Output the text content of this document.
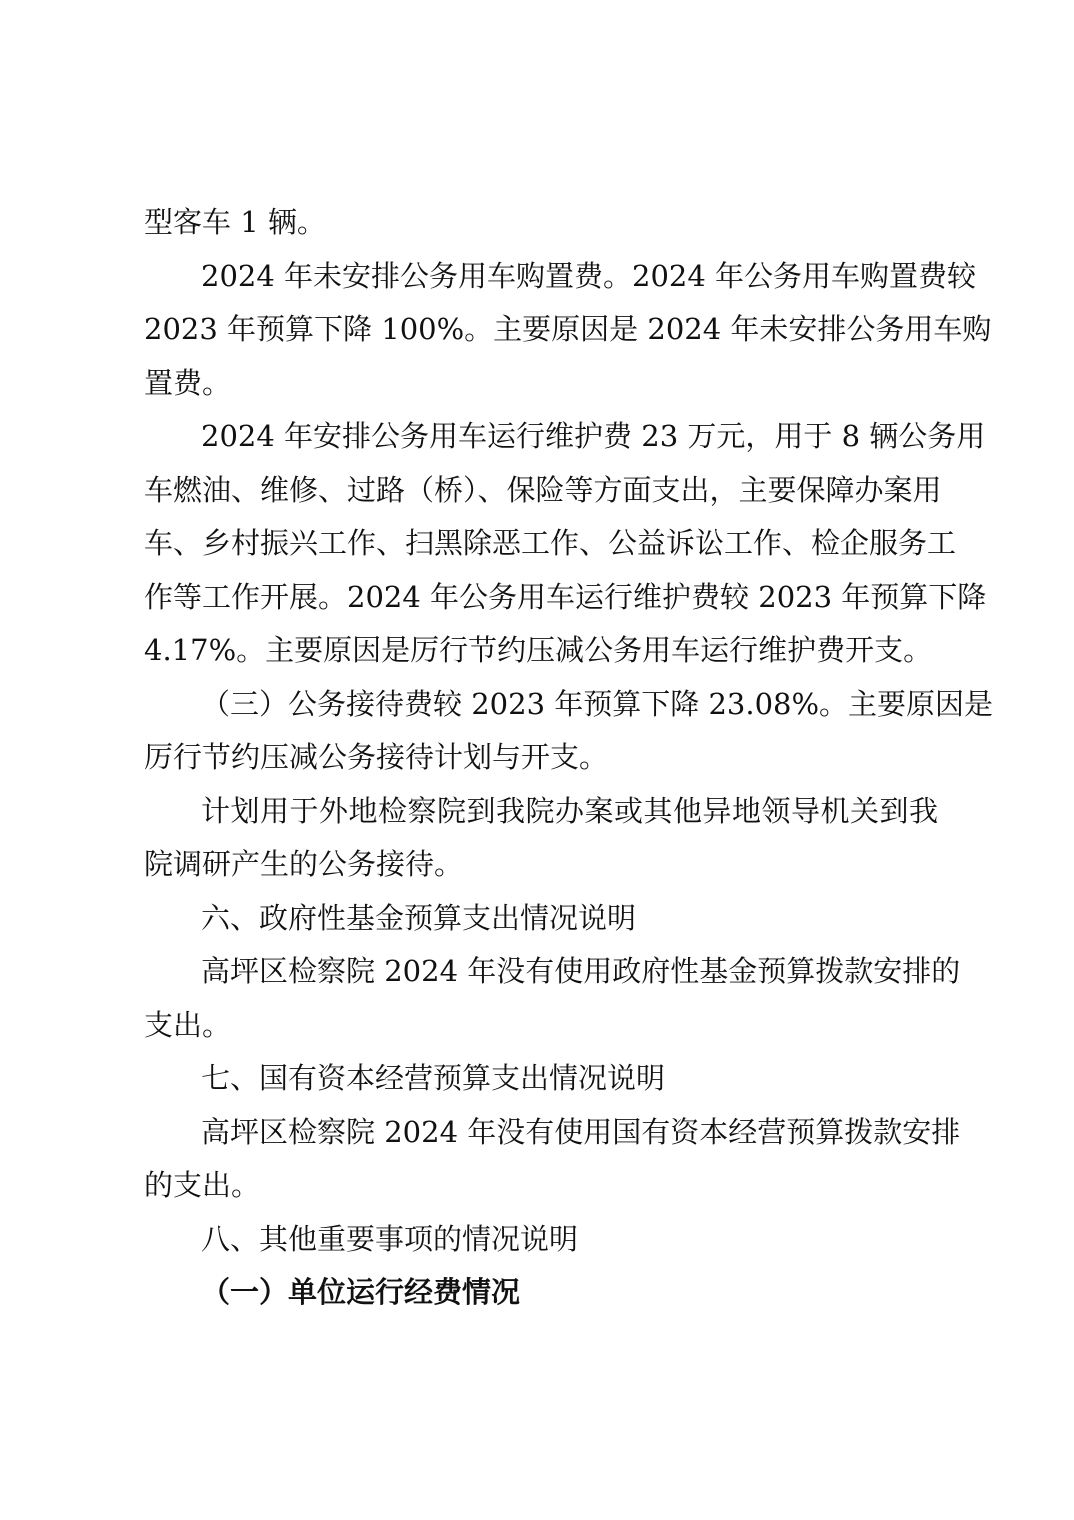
型客车 1 辆。
2024 年未安排公务用车购置费。2024 年公务用车购置费较
2023 年预算下降 100%。主要原因是 2024 年未安排公务用车购
置费。
2024 年安排公务用车运行维护费 23 万元，用于 8 辆公务用
车燃油、维修、过路（桥）、保险等方面支出，主要保障办案用
车、乡村振兴工作、扫黑除恶工作、公益诉讼工作、检企服务工
作等工作开展。2024 年公务用车运行维护费较 2023 年预算下降
4.17%。主要原因是厉行节约压减公务用车运行维护费开支。
（三）公务接待费较 2023 年预算下降 23.08%。主要原因是
厉行节约压减公务接待计划与开支。
计划用于外地检察院到我院办案或其他异地领导机关到我
院调研产生的公务接待。
六、政府性基金预算支出情况说明
高坪区检察院 2024 年没有使用政府性基金预算拨款安排的
支出。
七、国有资本经营预算支出情况说明
高坪区检察院 2024 年没有使用国有资本经营预算拨款安排
的支出。
八、其他重要事项的情况说明
（一）单位运行经费情况
